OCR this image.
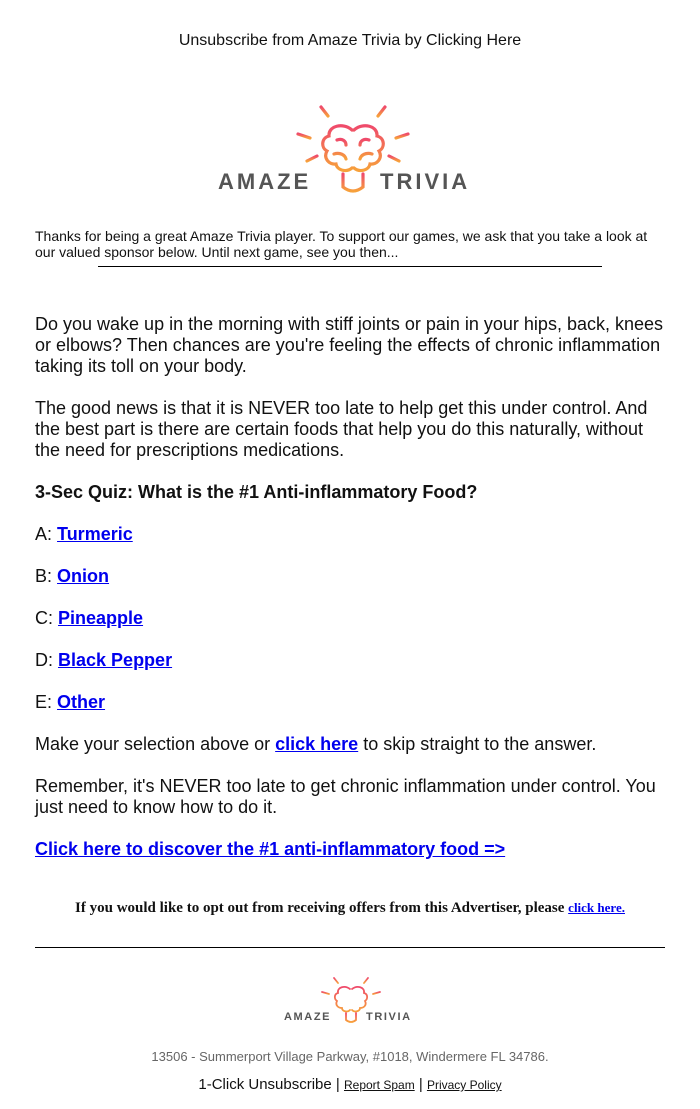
Unsubscribe from Amaze Trivia by Clicking Here
AMAZE	TRIVIA
Thanks for being a great Amaze Trivia player. To support our games, we ask that you take a look at our valued sponsor below. Until next game, see you then...

Do you wake up in the morning with stiff joints or pain in your hips, back, knees or elbows? Then chances are you're feeling the effects of chronic inflammation taking its toll on your body.

The good news is that it is NEVER too late to help get this under control. And the best part is there are certain foods that help you do this naturally, without the need for prescriptions medications.

3-Sec Quiz: What is the #1 Anti-inflammatory Food?

A: Turmeric
B: Onion
C: Pineapple
D: Black Pepper
E: Other

Make your selection above or click here to skip straight to the answer.

Remember, it's NEVER too late to get chronic inflammation under control. You just need to know how to do it.

Click here to discover the #1 anti-inflammatory food =>
If you would like to opt out from receiving offers from this Advertiser, please click here.
AMAZE	TRIVIA
13506 - Summerport Village Parkway, #1018, Windermere FL 34786.
1-Click Unsubscribe | Report Spam | Privacy Policy
